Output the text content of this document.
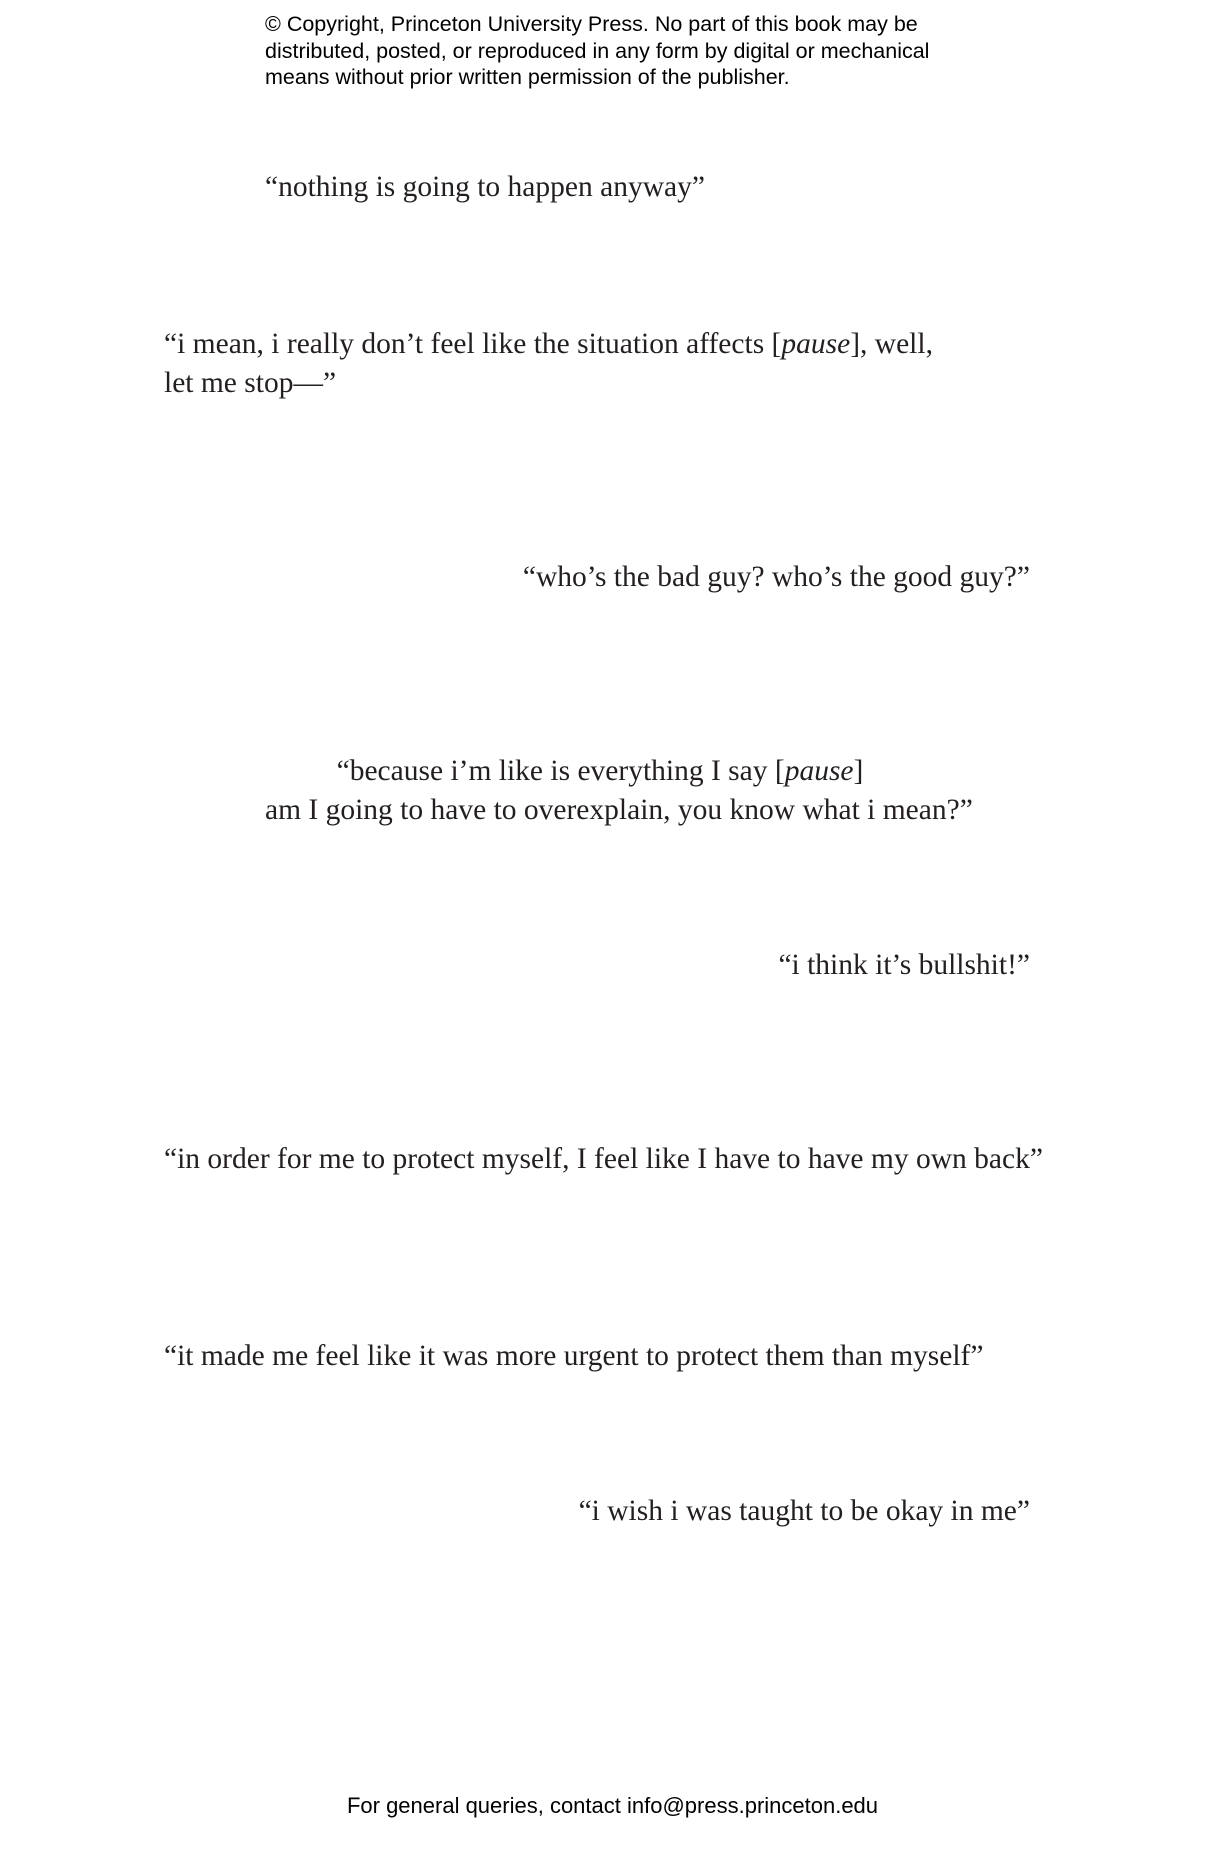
© Copyright, Princeton University Press. No part of this book may be
distributed, posted, or reproduced in any form by digital or mechanical
means without prior written permission of the publisher.
“nothing is going to happen anyway”
“i mean, i really don’t feel like the situation affects [pause], well,
let me stop—”
“who’s the bad guy? who’s the good guy?”
“because i’m like is everything I say [pause]
am I going to have to overexplain, you know what i mean?”
“i think it’s bullshit!”
“in order for me to protect myself, I feel like I have to have my own back”
“it made me feel like it was more urgent to protect them than myself”
“i wish i was taught to be okay in me”
For general queries, contact info@press.princeton.edu
